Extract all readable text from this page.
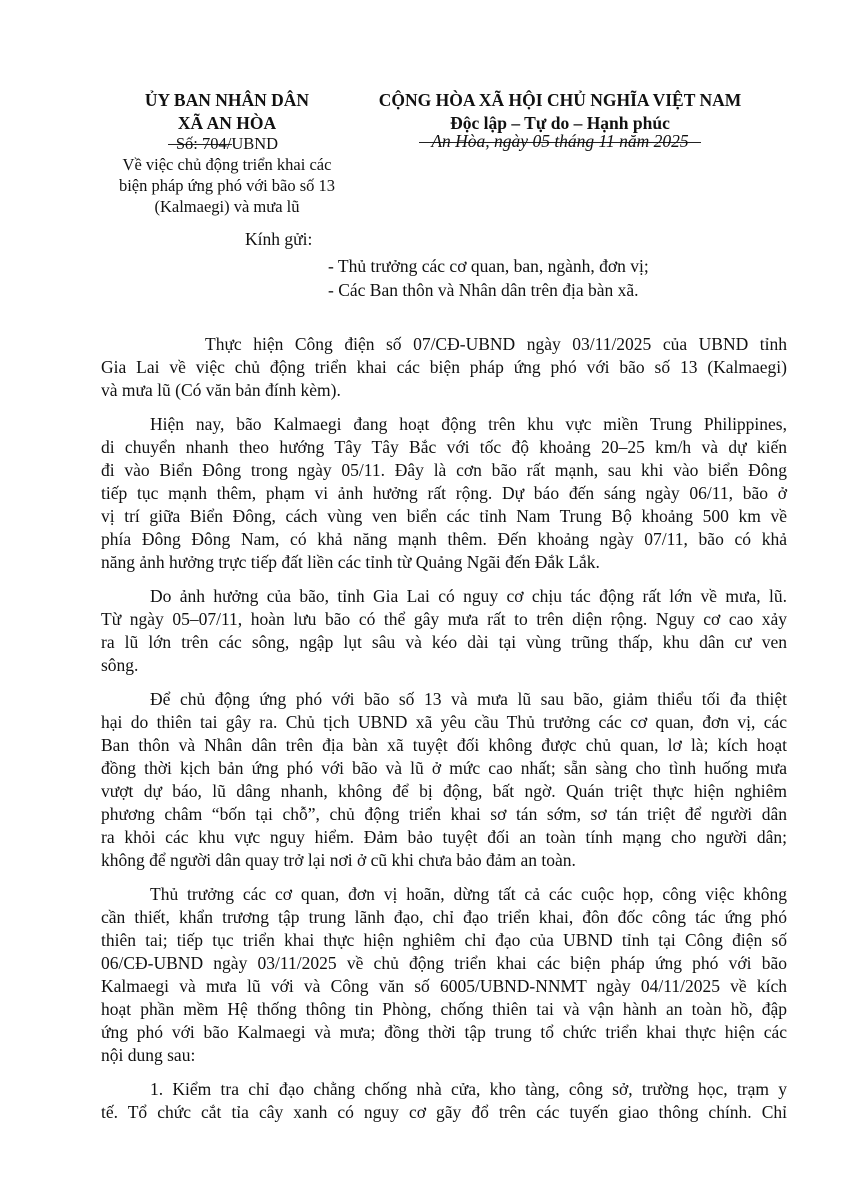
ỦY BAN NHÂN DÂN
XÃ AN HÒA
CỘNG HÒA XÃ HỘI CHỦ NGHĨA VIỆT NAM
Độc lập – Tự do – Hạnh phúc
Số: 704/UBND
Về việc chủ động triển khai các
biện pháp ứng phó với bão số 13
(Kalmaegi) và mưa lũ
An Hòa, ngày 05 tháng 11 năm 2025
Kính gửi:
- Thủ trưởng các cơ quan, ban, ngành, đơn vị;
- Các Ban thôn và Nhân dân trên địa bàn xã.
Thực hiện Công điện số 07/CĐ-UBND ngày 03/11/2025 của UBND tỉnh
Gia Lai về việc chủ động triển khai các biện pháp ứng phó với bão số 13 (Kalmaegi)
và mưa lũ (Có văn bản đính kèm).
Hiện nay, bão Kalmaegi đang hoạt động trên khu vực miền Trung Philippines,
di chuyển nhanh theo hướng Tây Tây Bắc với tốc độ khoảng 20–25 km/h và dự kiến
đi vào Biển Đông trong ngày 05/11. Đây là cơn bão rất mạnh, sau khi vào biển Đông
tiếp tục mạnh thêm, phạm vi ảnh hưởng rất rộng. Dự báo đến sáng ngày 06/11, bão ở
vị trí giữa Biển Đông, cách vùng ven biển các tỉnh Nam Trung Bộ khoảng 500 km về
phía Đông Đông Nam, có khả năng mạnh thêm. Đến khoảng ngày 07/11, bão có khả
năng ảnh hưởng trực tiếp đất liền các tỉnh từ Quảng Ngãi đến Đắk Lắk.
Do ảnh hưởng của bão, tỉnh Gia Lai có nguy cơ chịu tác động rất lớn về mưa, lũ.
Từ ngày 05–07/11, hoàn lưu bão có thể gây mưa rất to trên diện rộng. Nguy cơ cao xảy
ra lũ lớn trên các sông, ngập lụt sâu và kéo dài tại vùng trũng thấp, khu dân cư ven
sông.
Để chủ động ứng phó với bão số 13 và mưa lũ sau bão, giảm thiểu tối đa thiệt
hại do thiên tai gây ra. Chủ tịch UBND xã yêu cầu Thủ trưởng các cơ quan, đơn vị, các
Ban thôn và Nhân dân trên địa bàn xã tuyệt đối không được chủ quan, lơ là; kích hoạt
đồng thời kịch bản ứng phó với bão và lũ ở mức cao nhất; sẵn sàng cho tình huống mưa
vượt dự báo, lũ dâng nhanh, không để bị động, bất ngờ. Quán triệt thực hiện nghiêm
phương châm “bốn tại chỗ”, chủ động triển khai sơ tán sớm, sơ tán triệt để người dân
ra khỏi các khu vực nguy hiểm. Đảm bảo tuyệt đối an toàn tính mạng cho người dân;
không để người dân quay trở lại nơi ở cũ khi chưa bảo đảm an toàn.
Thủ trưởng các cơ quan, đơn vị hoãn, dừng tất cả các cuộc họp, công việc không
cần thiết, khẩn trương tập trung lãnh đạo, chỉ đạo triển khai, đôn đốc công tác ứng phó
thiên tai; tiếp tục triển khai thực hiện nghiêm chỉ đạo của UBND tỉnh tại Công điện số
06/CĐ-UBND ngày 03/11/2025 về chủ động triển khai các biện pháp ứng phó với bão
Kalmaegi và mưa lũ với và Công văn số 6005/UBND-NNMT ngày 04/11/2025 về kích
hoạt phần mềm Hệ thống thông tin Phòng, chống thiên tai và vận hành an toàn hồ, đập
ứng phó với bão Kalmaegi và mưa; đồng thời tập trung tổ chức triển khai thực hiện các
nội dung sau:
1. Kiểm tra chỉ đạo chằng chống nhà cửa, kho tàng, công sở, trường học, trạm y
tế. Tổ chức cắt tỉa cây xanh có nguy cơ gãy đổ trên các tuyến giao thông chính. Chỉ
